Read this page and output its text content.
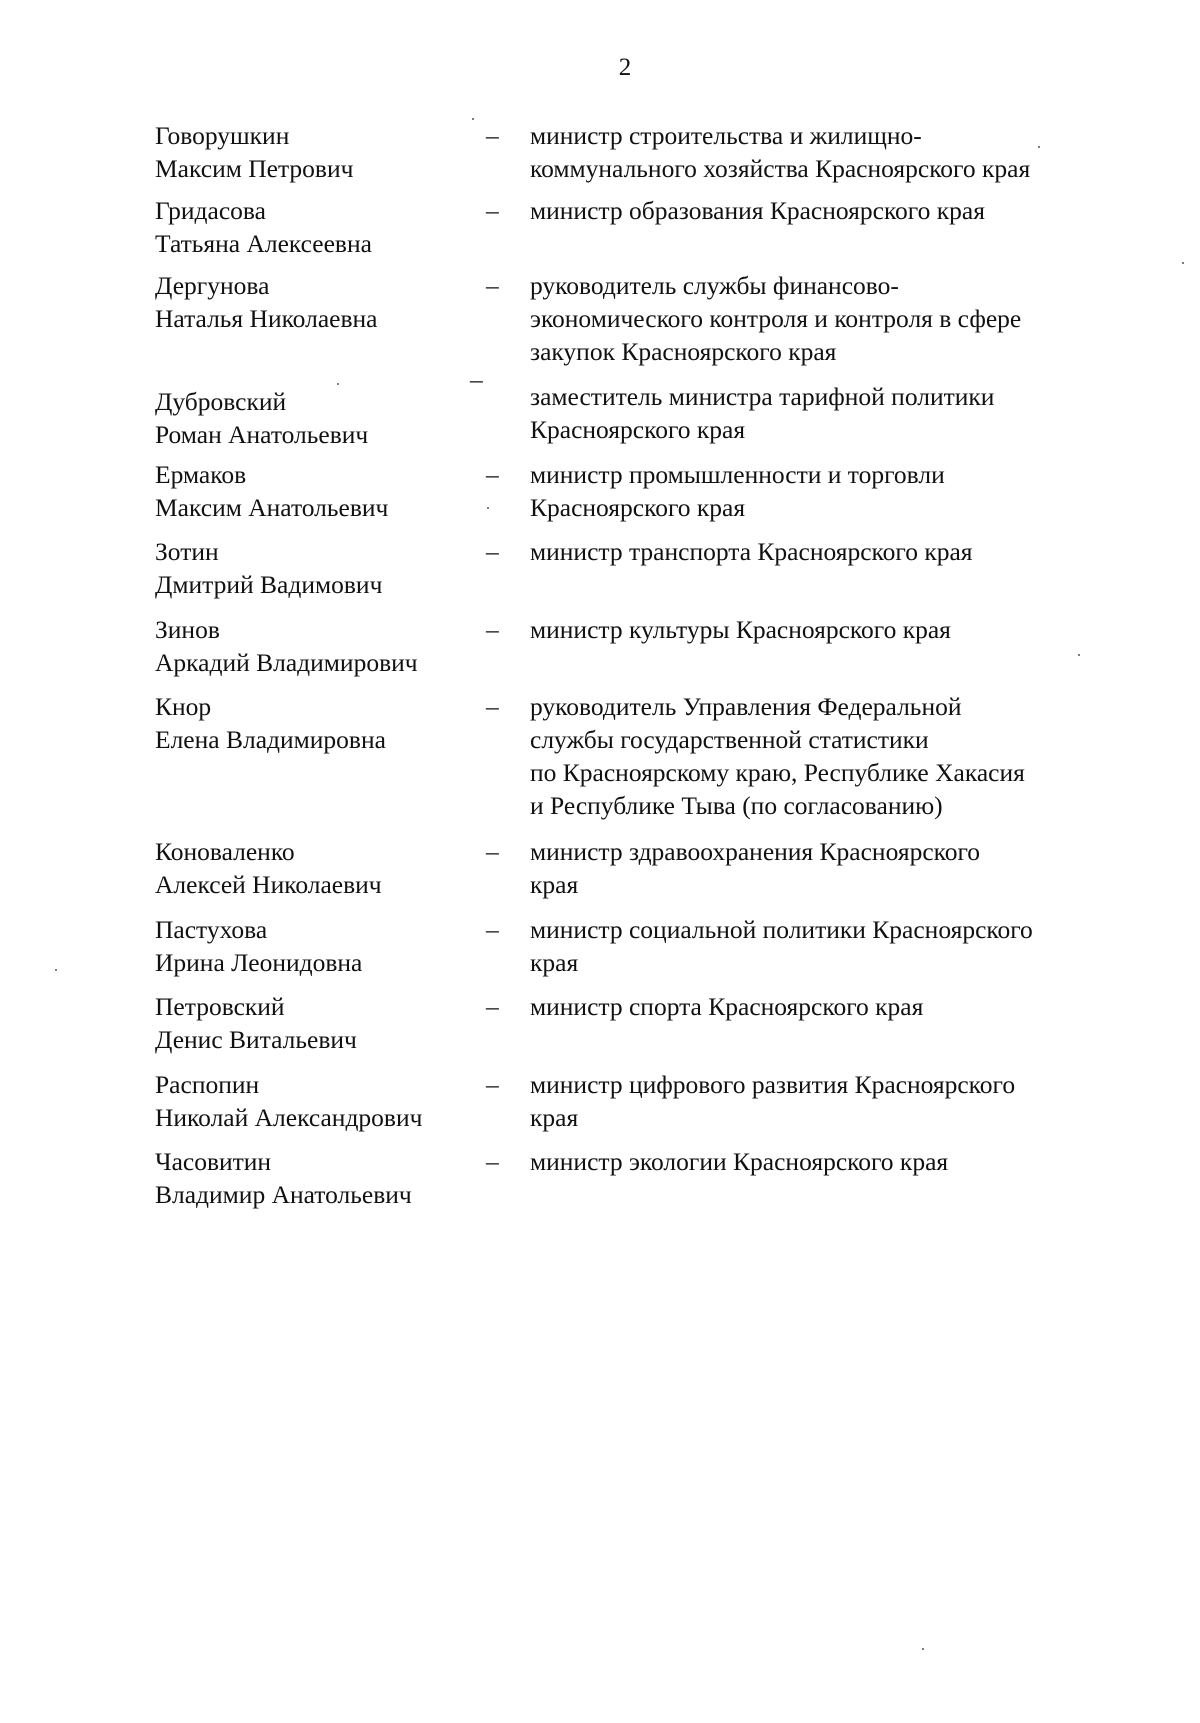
2
Говорушкин
Максим Петрович
– министр строительства и жилищно-
коммунального хозяйства Красноярского края
Гридасова
Татьяна Алексеевна
– министр образования Красноярского края
Дергунова
Наталья Николаевна
– руководитель службы финансово-
экономического контроля и контроля в сфере
закупок Красноярского края
Дубровский
Роман Анатольевич
–
заместитель министра тарифной политики
Красноярского края
Ермаков
Максим Анатольевич
– министр промышленности и торговли
Красноярского края
Зотин
Дмитрий Вадимович
– министр транспорта Красноярского края
Зинов
Аркадий Владимирович
– министр культуры Красноярского края
Кнор
Елена Владимировна
– руководитель Управления Федеральной
службы государственной статистики
по Красноярскому краю, Республике Хакасия
и Республике Тыва (по согласованию)
Коноваленко
Алексей Николаевич
– министр здравоохранения Красноярского
края
Пастухова
Ирина Леонидовна
– министр социальной политики Красноярского
края
Петровский
Денис Витальевич
– министр спорта Красноярского края
Распопин
Николай Александрович
– министр цифрового развития Красноярского
края
Часовитин
Владимир Анатольевич
– министр экологии Красноярского края
